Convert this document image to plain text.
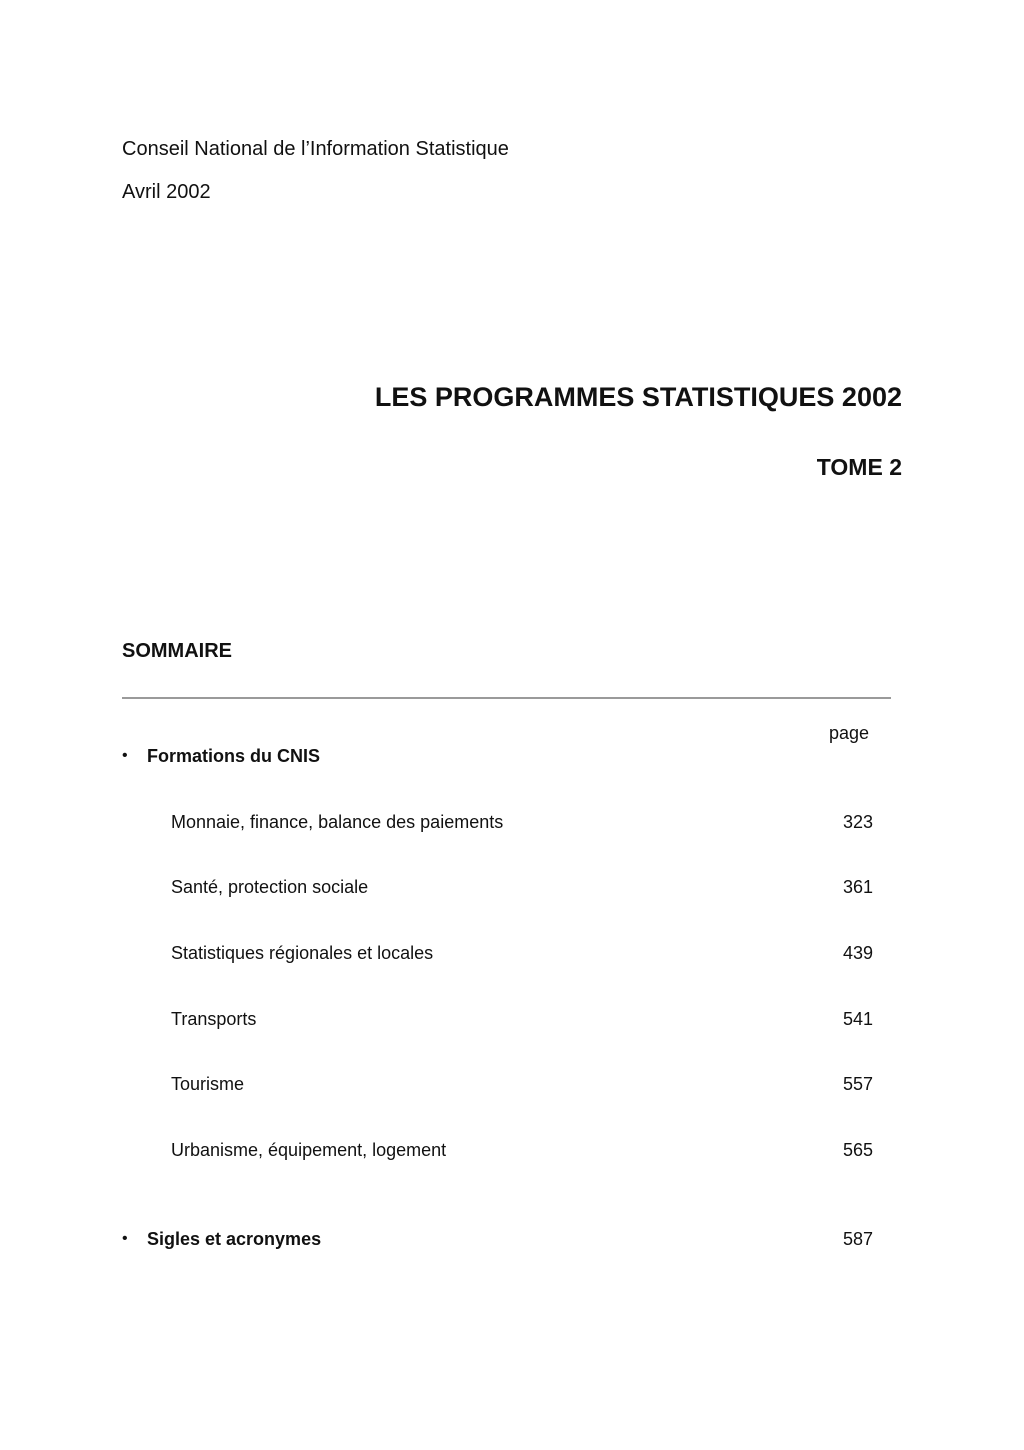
Conseil National de l’Information Statistique

Avril 2002

LES PROGRAMMES STATISTIQUES 2002
TOME 2
SOMMAIRE
page
• Formations du CNIS
Monnaie, finance, balance des paiements	323
Santé, protection sociale	361
Statistiques régionales et locales	439
Transports	541
Tourisme	557
Urbanisme, équipement, logement	565
• Sigles et acronymes	587
